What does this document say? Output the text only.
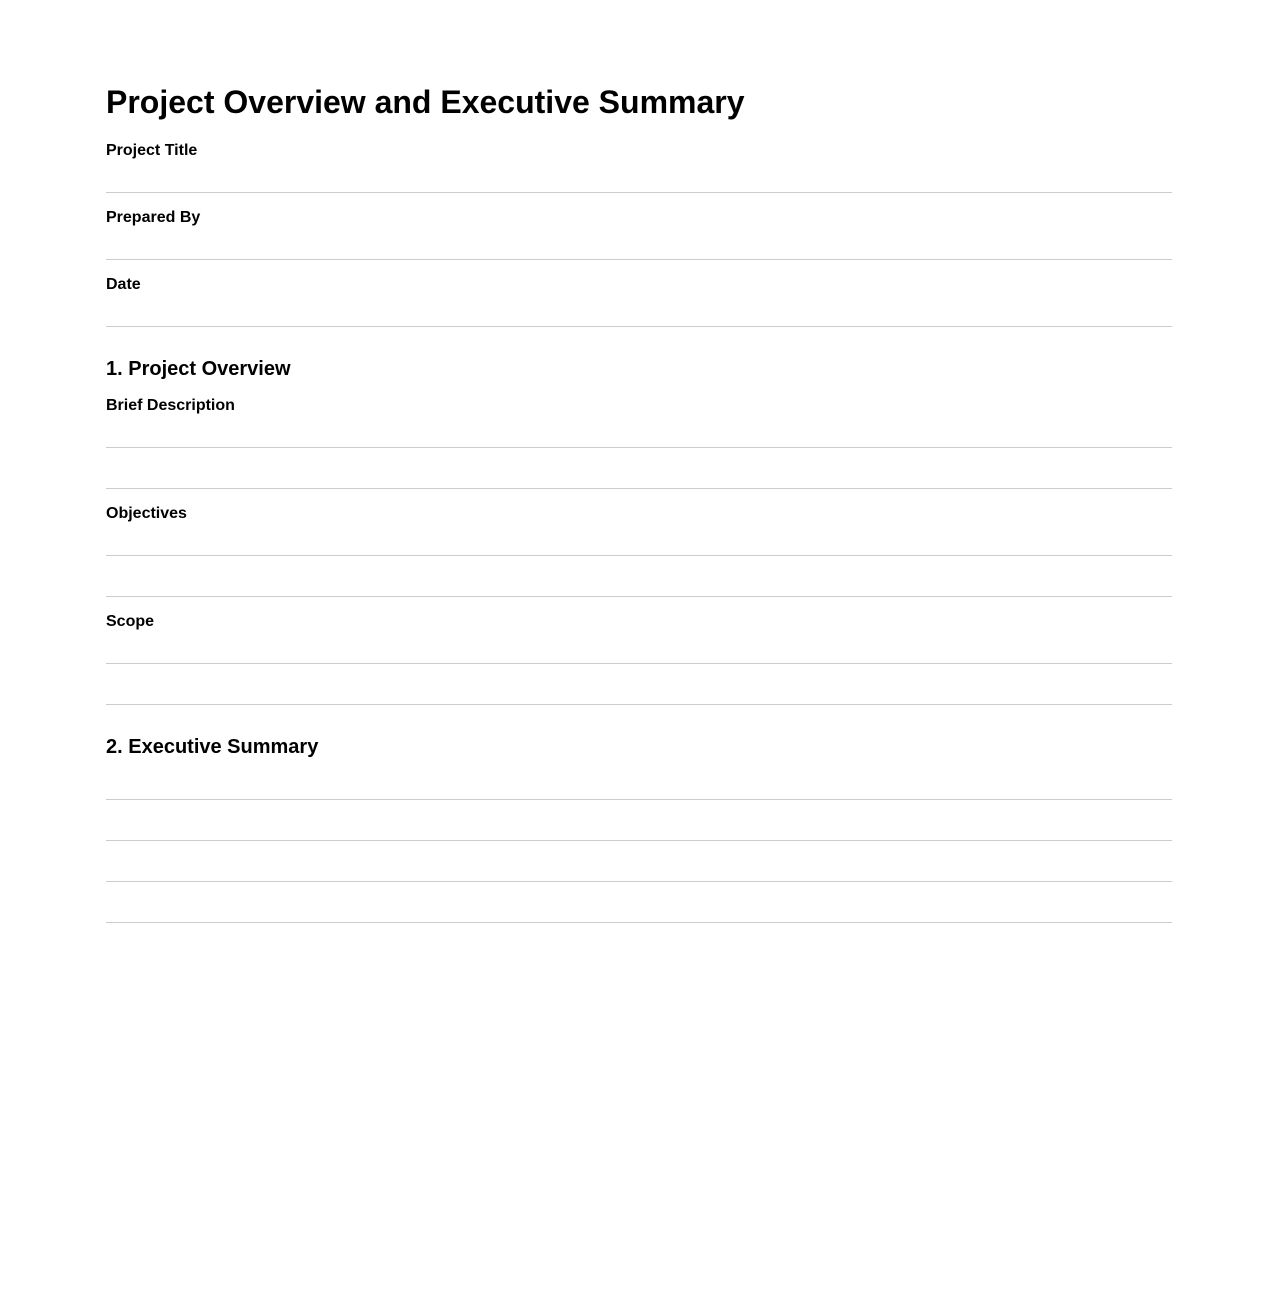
Project Overview and Executive Summary
Project Title
Prepared By
Date
1. Project Overview
Brief Description
Objectives
Scope
2. Executive Summary
